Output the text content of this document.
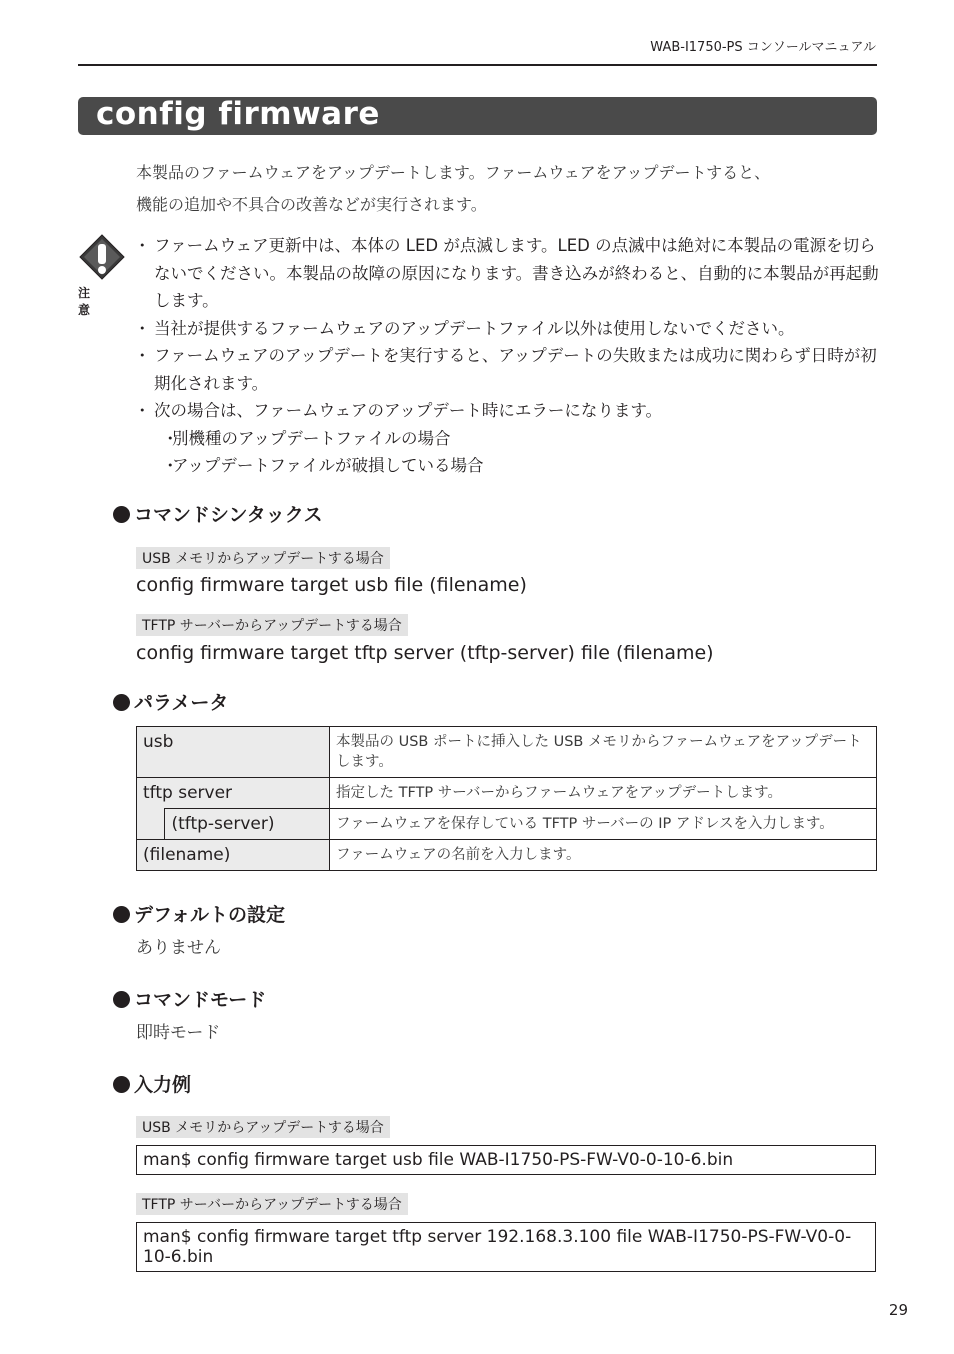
WAB-I1750-PS コンソールマニュアル
config firmware
本製品のファームウェアをアップデートします。ファームウェアをアップデートすると、
機能の追加や不具合の改善などが実行されます。
注 意
・ ファームウェア更新中は、本体の LED が点滅します。LED の点滅中は絶対に本製品の電源を切らないでください。本製品の故障の原因になります。書き込みが終わると、自動的に本製品が再起動します。
・ 当社が提供するファームウェアのアップデートファイル以外は使用しないでください。
・ ファームウェアのアップデートを実行すると、アップデートの失敗または成功に関わらず日時が初期化されます。
・ 次の場合は、ファームウェアのアップデート時にエラーになります。
・ 別機種のアップデートファイルの場合
・ アップデートファイルが破損している場合
コマンドシンタックス
USB メモリからアップデートする場合
config firmware target usb file (filename)
TFTP サーバーからアップデートする場合
config firmware target tftp server (tftp-server) file (filename)
パラメータ
usb		本製品の USB ポートに挿入した USB メモリからファームウェアをアップデートします。
tftp server		指定した TFTP サーバーからファームウェアをアップデートします。
	(tftp-server)	ファームウェアを保存している TFTP サーバーの IP アドレスを入力します。
(filename)		ファームウェアの名前を入力します。
デフォルトの設定
ありません
コマンドモード
即時モード
入力例
USB メモリからアップデートする場合
man$ config firmware target usb file WAB-I1750-PS-FW-V0-0-10-6.bin
TFTP サーバーからアップデートする場合
man$ config firmware target tftp server 192.168.3.100 file WAB-I1750-PS-FW-V0-0-10-6.bin
29
